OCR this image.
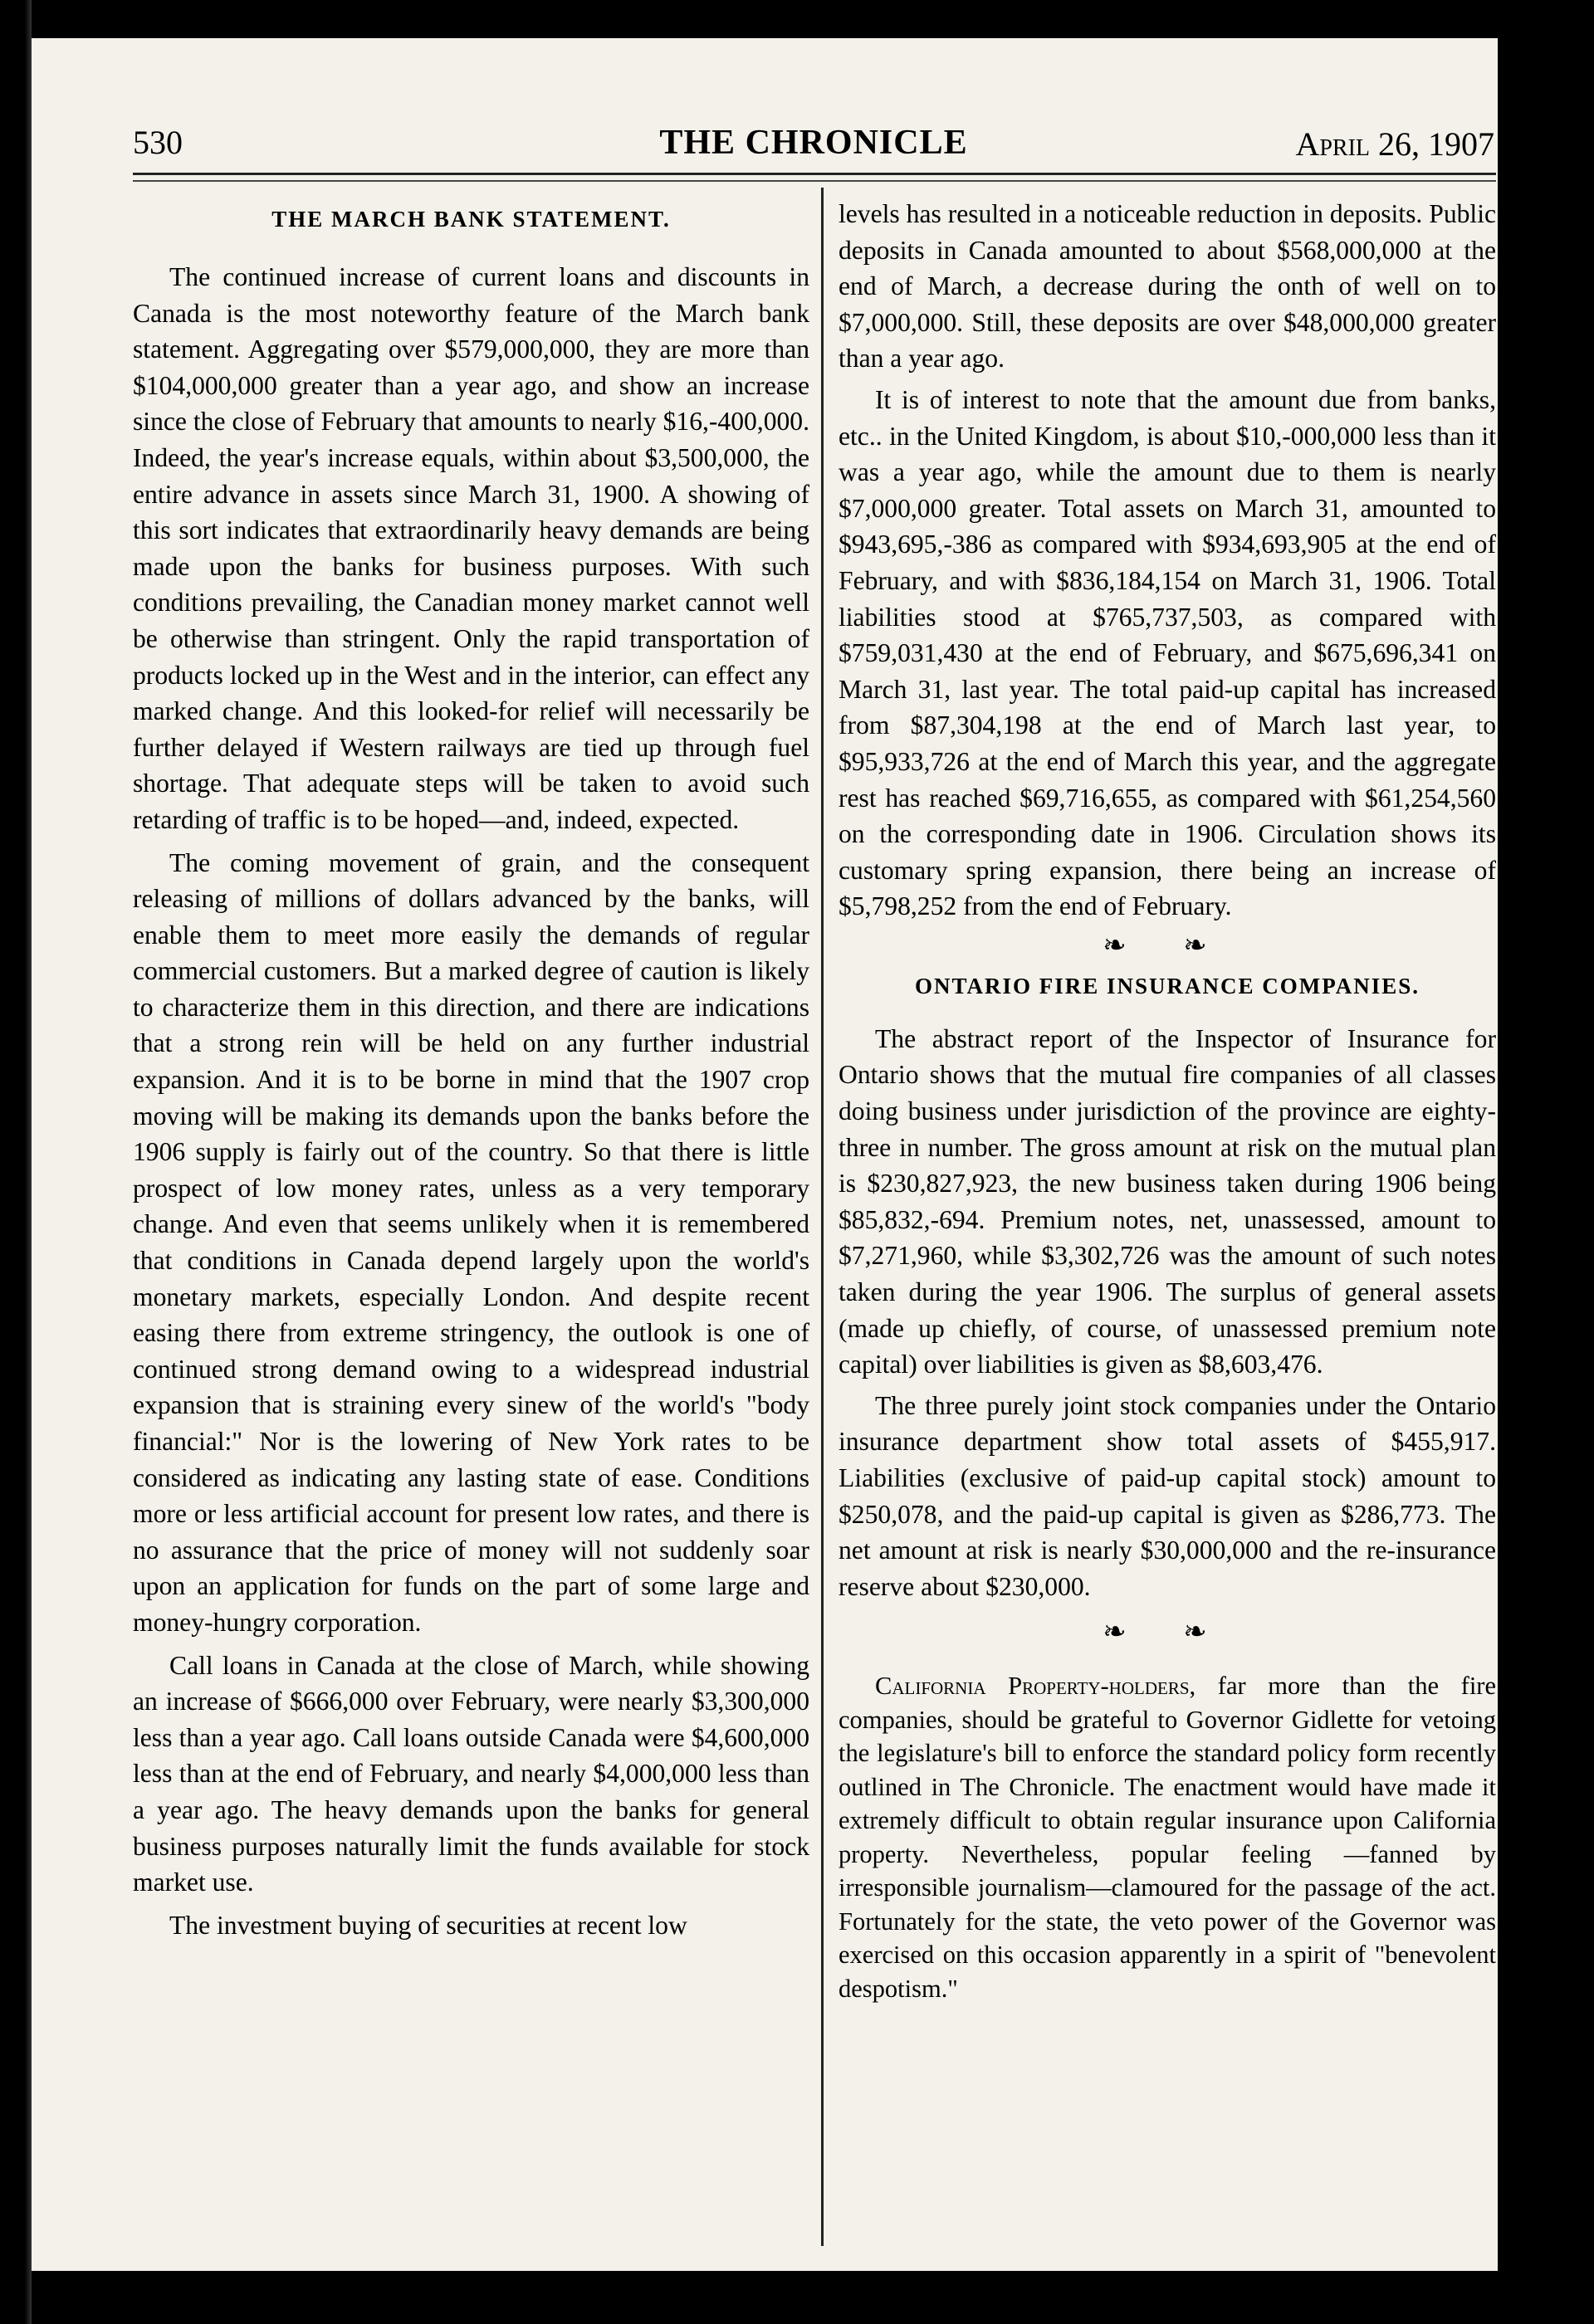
530	THE CHRONICLE	April 26, 1907
THE MARCH BANK STATEMENT.

The continued increase of current loans and discounts in Canada is the most noteworthy feature of the March bank statement. Aggregating over $579,000,000, they are more than $104,000,000 greater than a year ago, and show an increase since the close of February that amounts to nearly $16,-400,000. Indeed, the year's increase equals, within about $3,500,000, the entire advance in assets since March 31, 1900. A showing of this sort indicates that extraordinarily heavy demands are being made upon the banks for business purposes. With such conditions prevailing, the Canadian money market cannot well be otherwise than stringent. Only the rapid transportation of products locked up in the West and in the interior, can effect any marked change. And this looked-for relief will necessarily be further delayed if Western railways are tied up through fuel shortage. That adequate steps will be taken to avoid such retarding of traffic is to be hoped—and, indeed, expected.

The coming movement of grain, and the consequent releasing of millions of dollars advanced by the banks, will enable them to meet more easily the demands of regular commercial customers. But a marked degree of caution is likely to characterize them in this direction, and there are indications that a strong rein will be held on any further industrial expansion. And it is to be borne in mind that the 1907 crop moving will be making its demands upon the banks before the 1906 supply is fairly out of the country. So that there is little prospect of low money rates, unless as a very temporary change. And even that seems unlikely when it is remembered that conditions in Canada depend largely upon the world's monetary markets, especially London. And despite recent easing there from extreme stringency, the outlook is one of continued strong demand owing to a widespread industrial expansion that is straining every sinew of the world's "body financial:" Nor is the lowering of New York rates to be considered as indicating any lasting state of ease. Conditions more or less artificial account for present low rates, and there is no assurance that the price of money will not suddenly soar upon an application for funds on the part of some large and money-hungry corporation.

Call loans in Canada at the close of March, while showing an increase of $666,000 over February, were nearly $3,300,000 less than a year ago. Call loans outside Canada were $4,600,000 less than at the end of February, and nearly $4,000,000 less than a year ago. The heavy demands upon the banks for general business purposes naturally limit the funds available for stock market use.

The investment buying of securities at recent low

levels has resulted in a noticeable reduction in deposits. Public deposits in Canada amounted to about $568,000,000 at the end of March, a decrease during the onth of well on to $7,000,000. Still, these deposits are over $48,000,000 greater than a year ago.

It is of interest to note that the amount due from banks, etc.. in the United Kingdom, is about $10,-000,000 less than it was a year ago, while the amount due to them is nearly $7,000,000 greater. Total assets on March 31, amounted to $943,695,-386 as compared with $934,693,905 at the end of February, and with $836,184,154 on March 31, 1906. Total liabilities stood at $765,737,503, as compared with $759,031,430 at the end of February, and $675,696,341 on March 31, last year. The total paid-up capital has increased from $87,304,198 at the end of March last year, to $95,933,726 at the end of March this year, and the aggregate rest has reached $69,716,655, as compared with $61,254,560 on the corresponding date in 1906. Circulation shows its customary spring expansion, there being an increase of $5,798,252 from the end of February.

❧ ❧
ONTARIO FIRE INSURANCE COMPANIES.

The abstract report of the Inspector of Insurance for Ontario shows that the mutual fire companies of all classes doing business under jurisdiction of the province are eighty-three in number. The gross amount at risk on the mutual plan is $230,827,923, the new business taken during 1906 being $85,832,-694. Premium notes, net, unassessed, amount to $7,271,960, while $3,302,726 was the amount of such notes taken during the year 1906. The surplus of general assets (made up chiefly, of course, of unassessed premium note capital) over liabilities is given as $8,603,476.

The three purely joint stock companies under the Ontario insurance department show total assets of $455,917. Liabilities (exclusive of paid-up capital stock) amount to $250,078, and the paid-up capital is given as $286,773. The net amount at risk is nearly $30,000,000 and the re-insurance reserve about $230,000.

❧ ❧

California Property-holders, far more than the fire companies, should be grateful to Governor Gidlette for vetoing the legislature's bill to enforce the standard policy form recently outlined in The Chronicle. The enactment would have made it extremely difficult to obtain regular insurance upon California property. Nevertheless, popular feeling —fanned by irresponsible journalism—clamoured for the passage of the act. Fortunately for the state, the veto power of the Governor was exercised on this occasion apparently in a spirit of "benevolent despotism."
